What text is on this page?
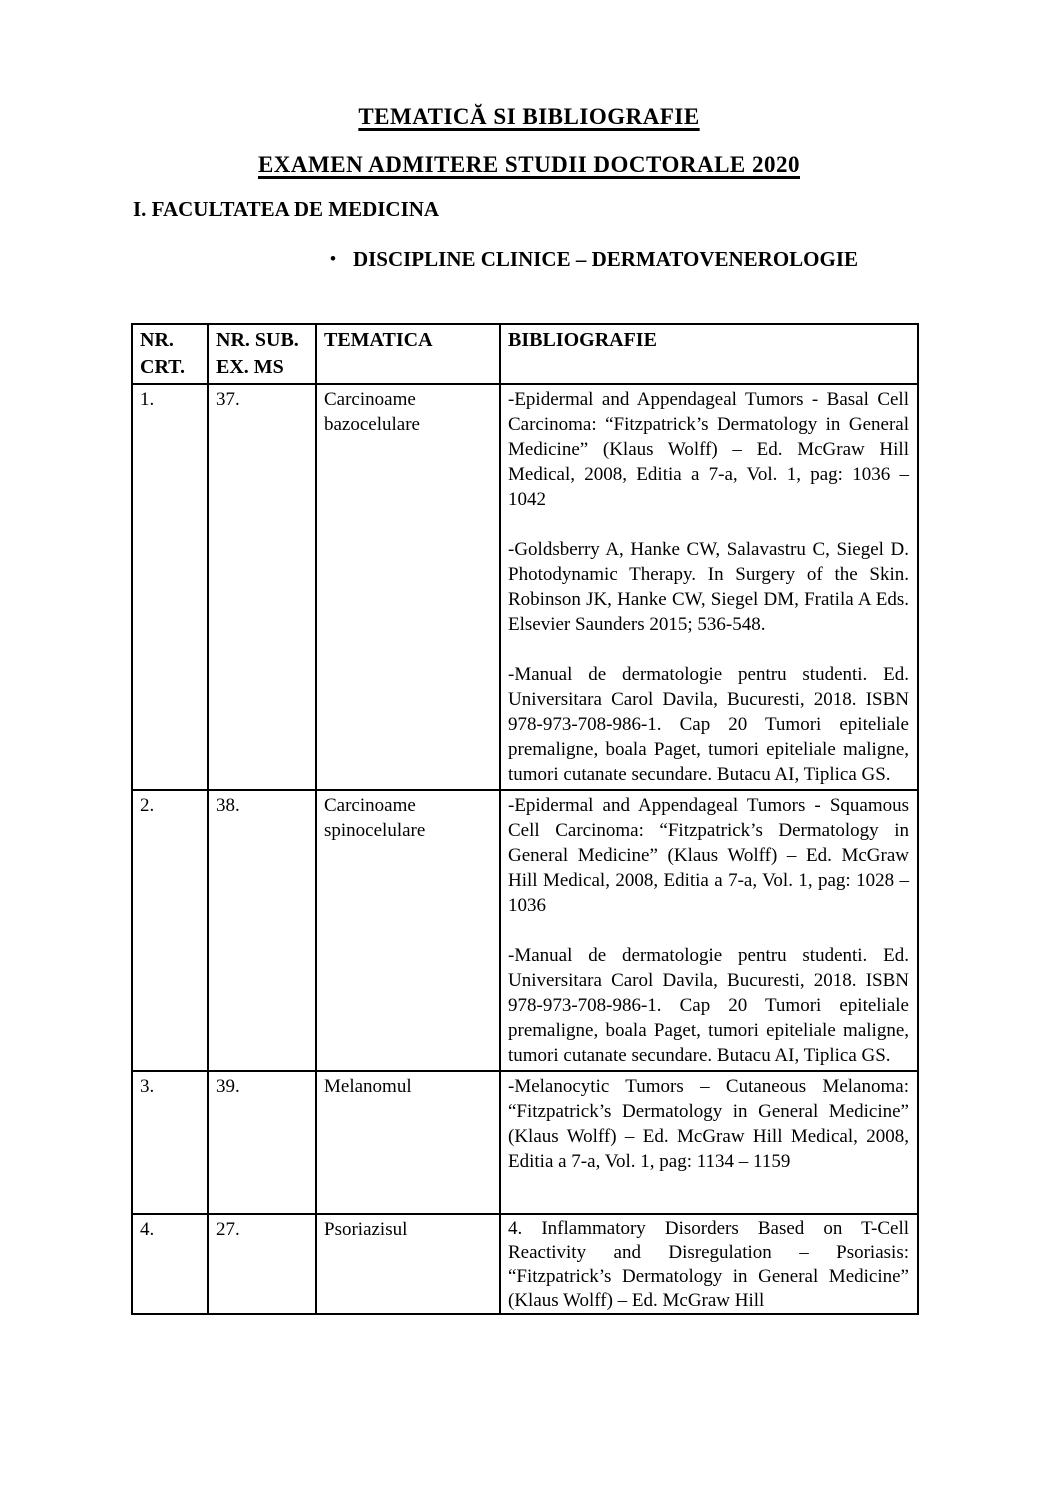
TEMATICĂ SI BIBLIOGRAFIE
EXAMEN ADMITERE STUDII DOCTORALE 2020
I. FACULTATEA DE MEDICINA
• DISCIPLINE CLINICE – DERMATOVENEROLOGIE
NR. CRT.	NR. SUB. EX. MS	TEMATICA	BIBLIOGRAFIE
1.	37.	Carcinoame bazocelulare	-Epidermal and Appendageal Tumors - Basal Cell Carcinoma: “Fitzpatrick’s Dermatology in General Medicine” (Klaus Wolff) – Ed. McGraw Hill Medical, 2008, Editia a 7-a, Vol. 1, pag: 1036 – 1042

-Goldsberry A, Hanke CW, Salavastru C, Siegel D. Photodynamic Therapy. In Surgery of the Skin. Robinson JK, Hanke CW, Siegel DM, Fratila A Eds. Elsevier Saunders 2015; 536-548.

-Manual de dermatologie pentru studenti. Ed. Universitara Carol Davila, Bucuresti, 2018. ISBN 978-973-708-986-1. Cap 20 Tumori epiteliale premaligne, boala Paget, tumori epiteliale maligne, tumori cutanate secundare. Butacu AI, Tiplica GS.

2.	38.	Carcinoame spinocelulare	-Epidermal and Appendageal Tumors - Squamous Cell Carcinoma: “Fitzpatrick’s Dermatology in General Medicine” (Klaus Wolff) – Ed. McGraw Hill Medical, 2008, Editia a 7-a, Vol. 1, pag: 1028 – 1036

-Manual de dermatologie pentru studenti. Ed. Universitara Carol Davila, Bucuresti, 2018. ISBN 978-973-708-986-1. Cap 20 Tumori epiteliale premaligne, boala Paget, tumori epiteliale maligne, tumori cutanate secundare. Butacu AI, Tiplica GS.

3.	39.	Melanomul	-Melanocytic Tumors – Cutaneous Melanoma: “Fitzpatrick’s Dermatology in General Medicine” (Klaus Wolff) – Ed. McGraw Hill Medical, 2008, Editia a 7-a, Vol. 1, pag: 1134 – 1159

4.	27.	Psoriazisul	4. Inflammatory Disorders Based on T-Cell Reactivity and Disregulation – Psoriasis: “Fitzpatrick’s Dermatology in General Medicine” (Klaus Wolff) – Ed. McGraw Hill
